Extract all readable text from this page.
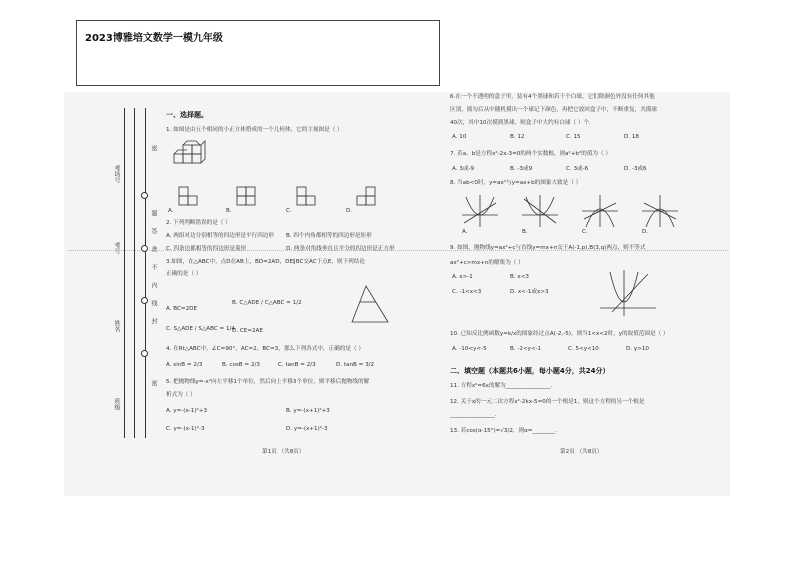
2023博雅培文数学一模九年级
考场号
考号
姓名
班级
密
题
答
准
不
内
线
封
密
一、选择题。
1. 如图是由五个相同的小正方体搭成的一个几何体，它的主视图是（ ）
A.	B.	C.	D.
2. 下列判断错误的是（ ）
A. 两组对边分别相等的四边形是平行四边形 B. 四个内角都相等的四边形是矩形
C. 四条边都相等的四边形是菱形	D. 两条对角线垂直且平分的四边形是正方形
3.如图，在△ABC中，点D在AB上，BD=2AD，DE∥BC交AC于点E，则下列结论
正确的是（ ）
A. BC=2DE
B. C△ADE / C△ABC = 1/2
C. S△ADE / S△ABC = 1/4
D. CE=2AE
4. 在Rt△ABC中，∠C=90°，AC=2，BC=3，那么下列各式中，正确的是（ ）
A. sinB = 2/3	B. cosB = 2/3	C. tanB = 2/3	D. tanB = 3/2
5. 把抛物线y=-x²向左平移1个单位，然后向上平移3个单位，则平移后抛物线的解
析式为（ ）
A. y=-(x-1)²+3	B. y=-(x+1)²+3
C. y=-(x-1)²-3	D. y=-(x+1)²-3
第1页 （共8页）
6.在一个不透明的盒子里，装有4个黑球和若干个白球，它们除颜色外没有任何其他
区别，摇匀后从中随机摸出一个球记下颜色，再把它放回盒子中，不断重复，共摸球
40次，其中10次摸到黑球，则盒子中大约有白球（ ）个.
A. 10	B. 12	C. 15	D. 18
7. 若a、b是方程x²-2x-3=0的两个实数根，则a²+b²的值为（ ）
A. 3或-9	B. -3或9	C. 3或-6	D. -3或6
8. 当ab<0时，y=ax²与y=ax+b的图象大致是（ ）
A.	B.	C.	D.
9. 如图，抛物线y=ax²+c与直线y=mx+n交于A(-1,p),B(3,q)两点，则不等式
ax²+c>mx+n的解集为（ ）
A. x>-1	B. x<3
C. -1<x<3	D. x<-1或x>3
10. 已知反比例函数y=k/x的图象经过点A(-2,-5)，则当1<x<2时，y的取值范围是（ ）
A. -10<y<-5	B. -2<y<-1	C. 5<y<10	D. y>10
二、填空题（本题共6小题，每小题4分，共24分）
11. 方程x²=6x的解为________________.
12. 关于x的一元二次方程x²-2kx-5=0的一个根是1，则这个方程的另一个根是
________________.
13. 若cos(α-15°)=√3/2，则α=________.
第2页 （共8页）
